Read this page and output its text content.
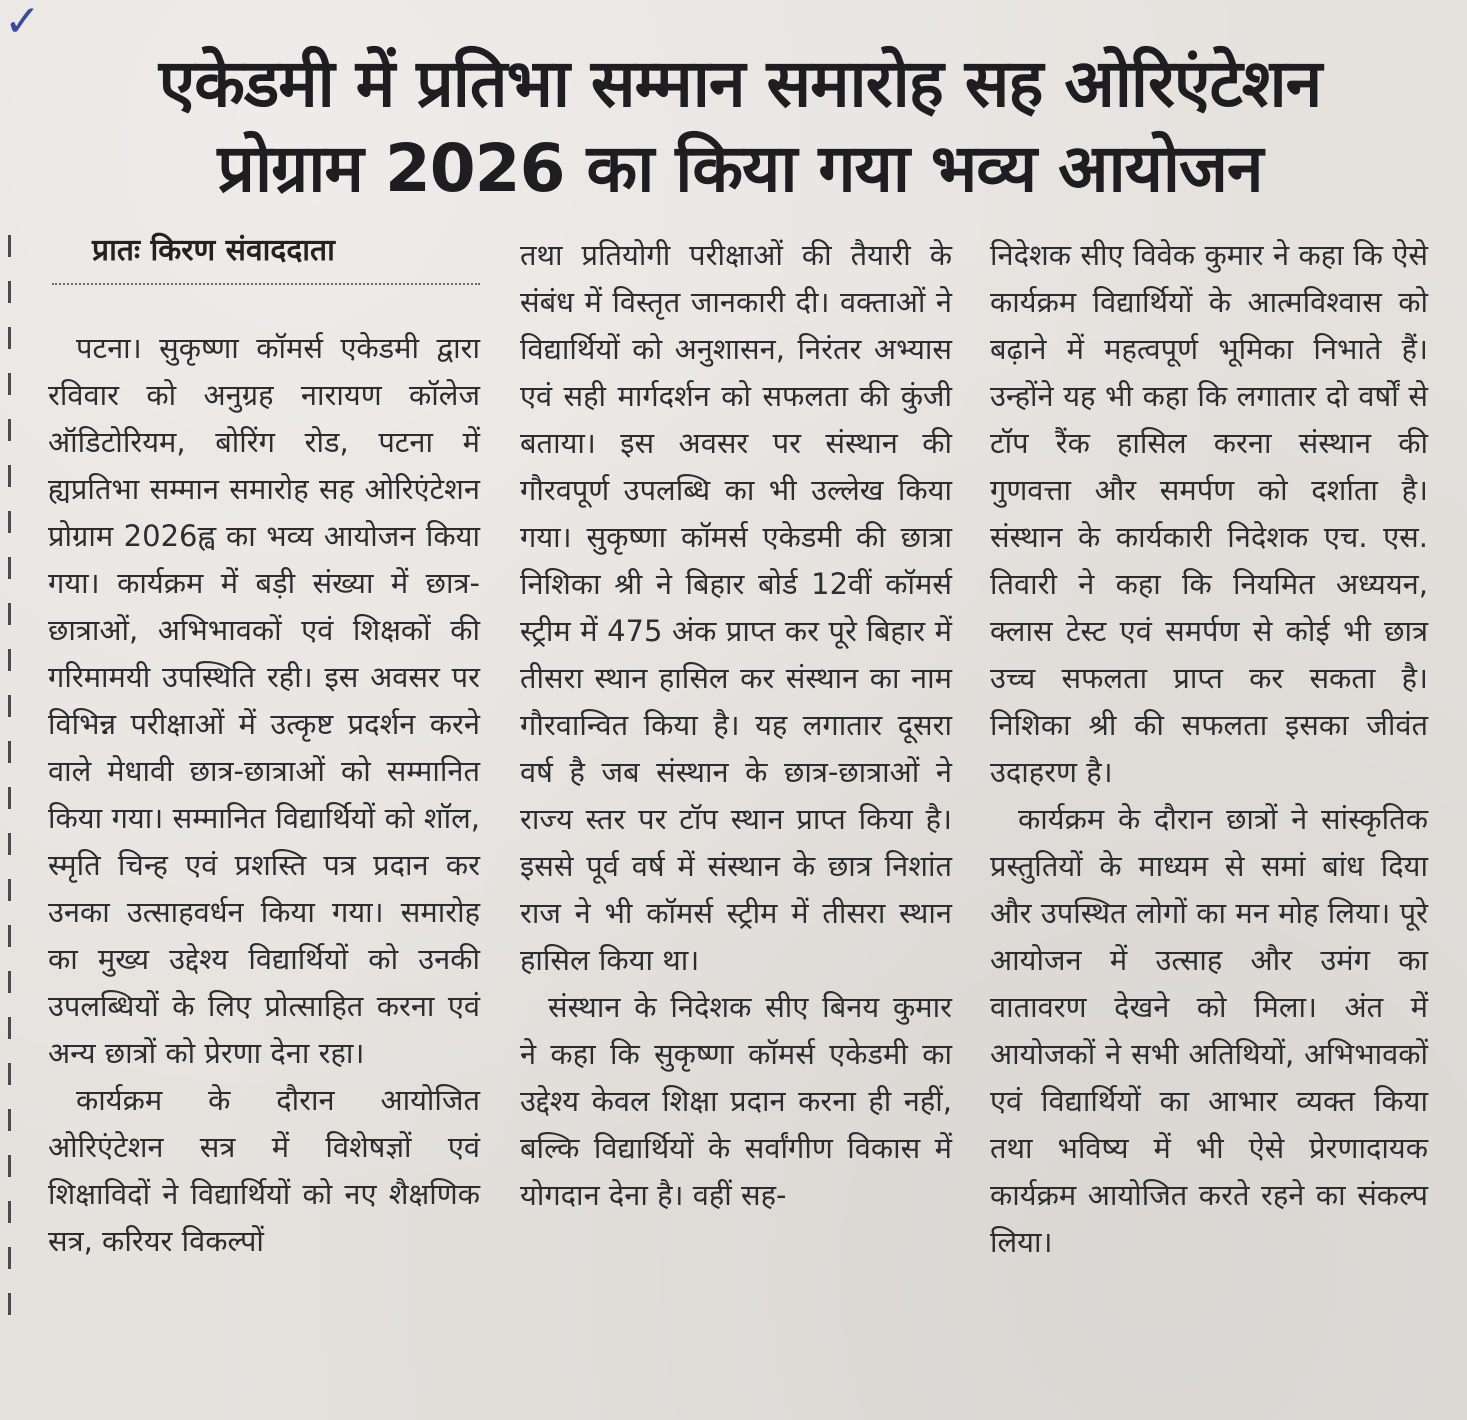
✓
एकेडमी में प्रतिभा सम्मान समारोह सह ओरिएंटेशन
प्रोग्राम 2026 का किया गया भव्य आयोजन

प्रातः किरण संवाददाता

पटना। सुकृष्णा कॉमर्स एकेडमी द्वारा रविवार को अनुग्रह नारायण कॉलेज ऑडिटोरियम, बोरिंग रोड, पटना में ह्यप्रतिभा सम्मान समारोह सह ओरिएंटेशन प्रोग्राम 2026ह्व का भव्य आयोजन किया गया। कार्यक्रम में बड़ी संख्या में छात्र-छात्राओं, अभिभावकों एवं शिक्षकों की गरिमामयी उपस्थिति रही। इस अवसर पर विभिन्न परीक्षाओं में उत्कृष्ट प्रदर्शन करने वाले मेधावी छात्र-छात्राओं को सम्मानित किया गया। सम्मानित विद्यार्थियों को शॉल, स्मृति चिन्ह एवं प्रशस्ति पत्र प्रदान कर उनका उत्साहवर्धन किया गया। समारोह का मुख्य उद्देश्य विद्यार्थियों को उनकी उपलब्धियों के लिए प्रोत्साहित करना एवं अन्य छात्रों को प्रेरणा देना रहा।

कार्यक्रम के दौरान आयोजित ओरिएंटेशन सत्र में विशेषज्ञों एवं शिक्षाविदों ने विद्यार्थियों को नए शैक्षणिक सत्र, करियर विकल्पों

तथा प्रतियोगी परीक्षाओं की तैयारी के संबंध में विस्तृत जानकारी दी। वक्ताओं ने विद्यार्थियों को अनुशासन, निरंतर अभ्यास एवं सही मार्गदर्शन को सफलता की कुंजी बताया। इस अवसर पर संस्थान की गौरवपूर्ण उपलब्धि का भी उल्लेख किया गया। सुकृष्णा कॉमर्स एकेडमी की छात्रा निशिका श्री ने बिहार बोर्ड 12वीं कॉमर्स स्ट्रीम में 475 अंक प्राप्त कर पूरे बिहार में तीसरा स्थान हासिल कर संस्थान का नाम गौरवान्वित किया है। यह लगातार दूसरा वर्ष है जब संस्थान के छात्र-छात्राओं ने राज्य स्तर पर टॉप स्थान प्राप्त किया है। इससे पूर्व वर्ष में संस्थान के छात्र निशांत राज ने भी कॉमर्स स्ट्रीम में तीसरा स्थान हासिल किया था।

संस्थान के निदेशक सीए बिनय कुमार ने कहा कि सुकृष्णा कॉमर्स एकेडमी का उद्देश्य केवल शिक्षा प्रदान करना ही नहीं, बल्कि विद्यार्थियों के सर्वांगीण विकास में योगदान देना है। वहीं सह-

निदेशक सीए विवेक कुमार ने कहा कि ऐसे कार्यक्रम विद्यार्थियों के आत्मविश्वास को बढ़ाने में महत्वपूर्ण भूमिका निभाते हैं। उन्होंने यह भी कहा कि लगातार दो वर्षों से टॉप रैंक हासिल करना संस्थान की गुणवत्ता और समर्पण को दर्शाता है।संस्थान के कार्यकारी निदेशक एच. एस. तिवारी ने कहा कि नियमित अध्ययन, क्लास टेस्ट एवं समर्पण से कोई भी छात्र उच्च सफलता प्राप्त कर सकता है। निशिका श्री की सफलता इसका जीवंत उदाहरण है।

कार्यक्रम के दौरान छात्रों ने सांस्कृतिक प्रस्तुतियों के माध्यम से समां बांध दिया और उपस्थित लोगों का मन मोह लिया। पूरे आयोजन में उत्साह और उमंग का वातावरण देखने को मिला। अंत में आयोजकों ने सभी अतिथियों, अभिभावकों एवं विद्यार्थियों का आभार व्यक्त किया तथा भविष्य में भी ऐसे प्रेरणादायक कार्यक्रम आयोजित करते रहने का संकल्प लिया।
